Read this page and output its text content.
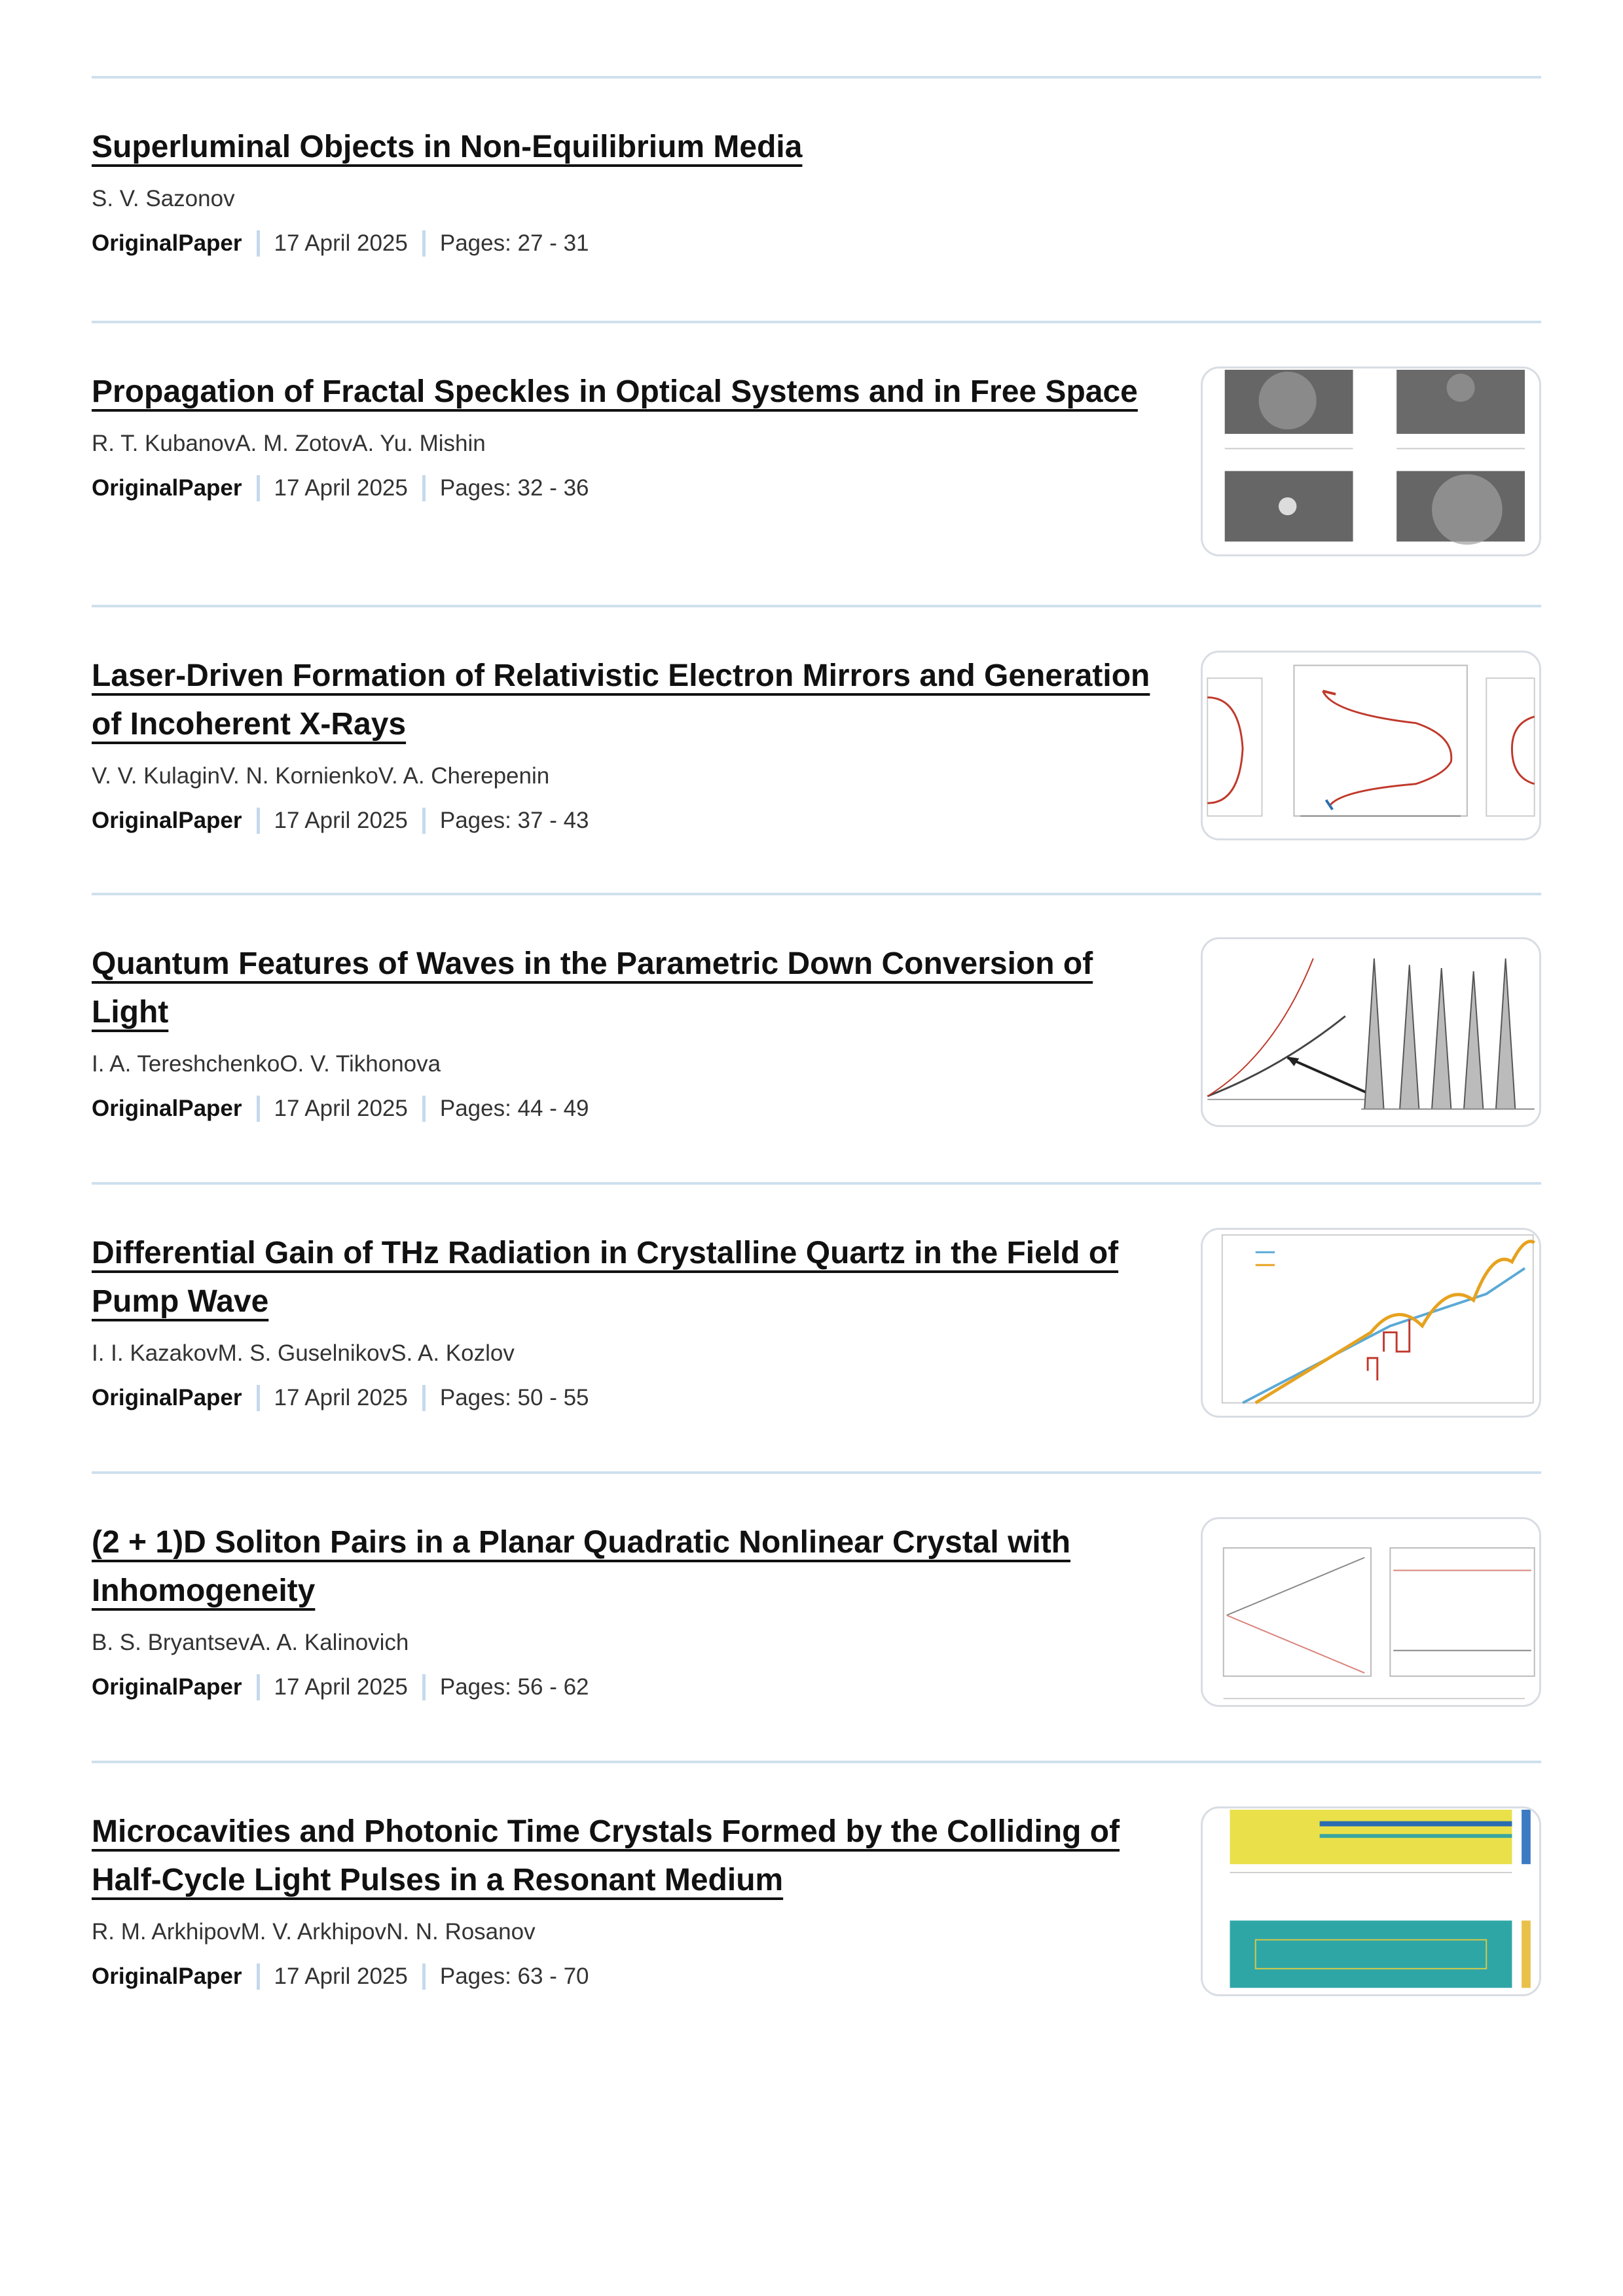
Superluminal Objects in Non-Equilibrium Media
S. V. Sazonov
OriginalPaper 17 April 2025 Pages: 27 - 31
Propagation of Fractal Speckles in Optical Systems and in Free Space
R. T. KubanovA. M. ZotovA. Yu. Mishin
OriginalPaper 17 April 2025 Pages: 32 - 36
Laser-Driven Formation of Relativistic Electron Mirrors and Generation of Incoherent X-Rays
V. V. KulaginV. N. KornienkoV. A. Cherepenin
OriginalPaper 17 April 2025 Pages: 37 - 43
Quantum Features of Waves in the Parametric Down Conversion of Light
I. A. TereshchenkoO. V. Tikhonova
OriginalPaper 17 April 2025 Pages: 44 - 49
Differential Gain of THz Radiation in Crystalline Quartz in the Field of Pump Wave
I. I. KazakovM. S. GuselnikovS. A. Kozlov
OriginalPaper 17 April 2025 Pages: 50 - 55
(2 + 1)D Soliton Pairs in a Planar Quadratic Nonlinear Crystal with Inhomogeneity
B. S. BryantsevA. A. Kalinovich
OriginalPaper 17 April 2025 Pages: 56 - 62
Microcavities and Photonic Time Crystals Formed by the Colliding of Half-Cycle Light Pulses in a Resonant Medium
R. M. ArkhipovM. V. ArkhipovN. N. Rosanov
OriginalPaper 17 April 2025 Pages: 63 - 70
